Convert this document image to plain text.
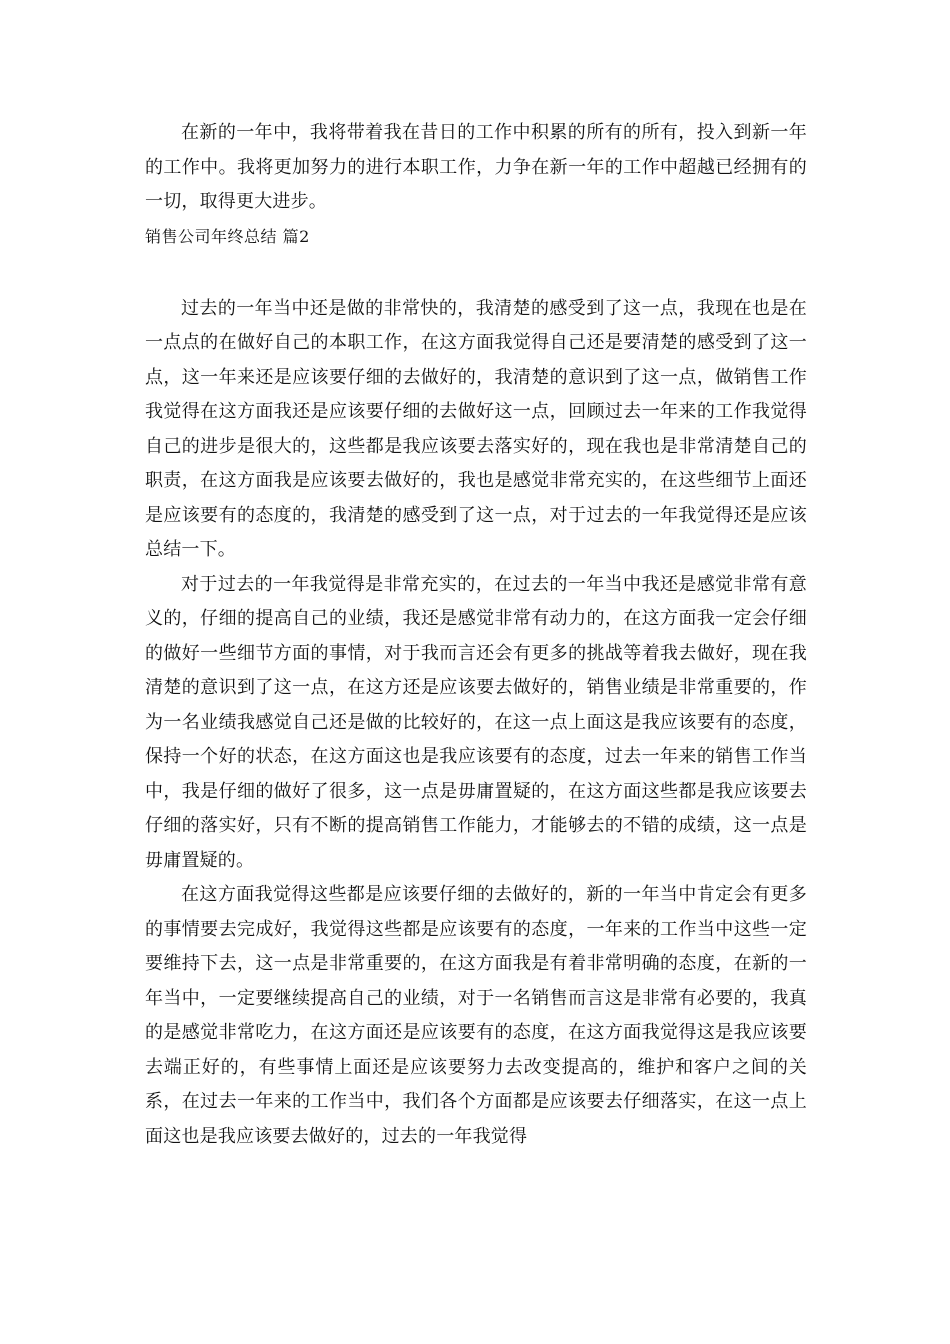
在新的一年中，我将带着我在昔日的工作中积累的所有的所有，投入到新一年的工作中。我将更加努力的进行本职工作，力争在新一年的工作中超越已经拥有的一切，取得更大进步。

销售公司年终总结 篇2

过去的一年当中还是做的非常快的，我清楚的感受到了这一点，我现在也是在一点点的在做好自己的本职工作，在这方面我觉得自己还是要清楚的感受到了这一点，这一年来还是应该要仔细的去做好的，我清楚的意识到了这一点，做销售工作我觉得在这方面我还是应该要仔细的去做好这一点，回顾过去一年来的工作我觉得自己的进步是很大的，这些都是我应该要去落实好的，现在我也是非常清楚自己的职责，在这方面我是应该要去做好的，我也是感觉非常充实的，在这些细节上面还是应该要有的态度的，我清楚的感受到了这一点，对于过去的一年我觉得还是应该总结一下。

对于过去的一年我觉得是非常充实的，在过去的一年当中我还是感觉非常有意义的，仔细的提高自己的业绩，我还是感觉非常有动力的，在这方面我一定会仔细的做好一些细节方面的事情，对于我而言还会有更多的挑战等着我去做好，现在我清楚的意识到了这一点，在这方还是应该要去做好的，销售业绩是非常重要的，作为一名业绩我感觉自己还是做的比较好的，在这一点上面这是我应该要有的态度，保持一个好的状态，在这方面这也是我应该要有的态度，过去一年来的销售工作当中，我是仔细的做好了很多，这一点是毋庸置疑的，在这方面这些都是我应该要去仔细的落实好，只有不断的提高销售工作能力，才能够去的不错的成绩，这一点是毋庸置疑的。

在这方面我觉得这些都是应该要仔细的去做好的，新的一年当中肯定会有更多的事情要去完成好，我觉得这些都是应该要有的态度，一年来的工作当中这些一定要维持下去，这一点是非常重要的，在这方面我是有着非常明确的态度，在新的一年当中，一定要继续提高自己的业绩，对于一名销售而言这是非常有必要的，我真的是感觉非常吃力，在这方面还是应该要有的态度，在这方面我觉得这是我应该要去端正好的，有些事情上面还是应该要努力去改变提高的，维护和客户之间的关系，在过去一年来的工作当中，我们各个方面都是应该要去仔细落实，在这一点上面这也是我应该要去做好的，过去的一年我觉得
